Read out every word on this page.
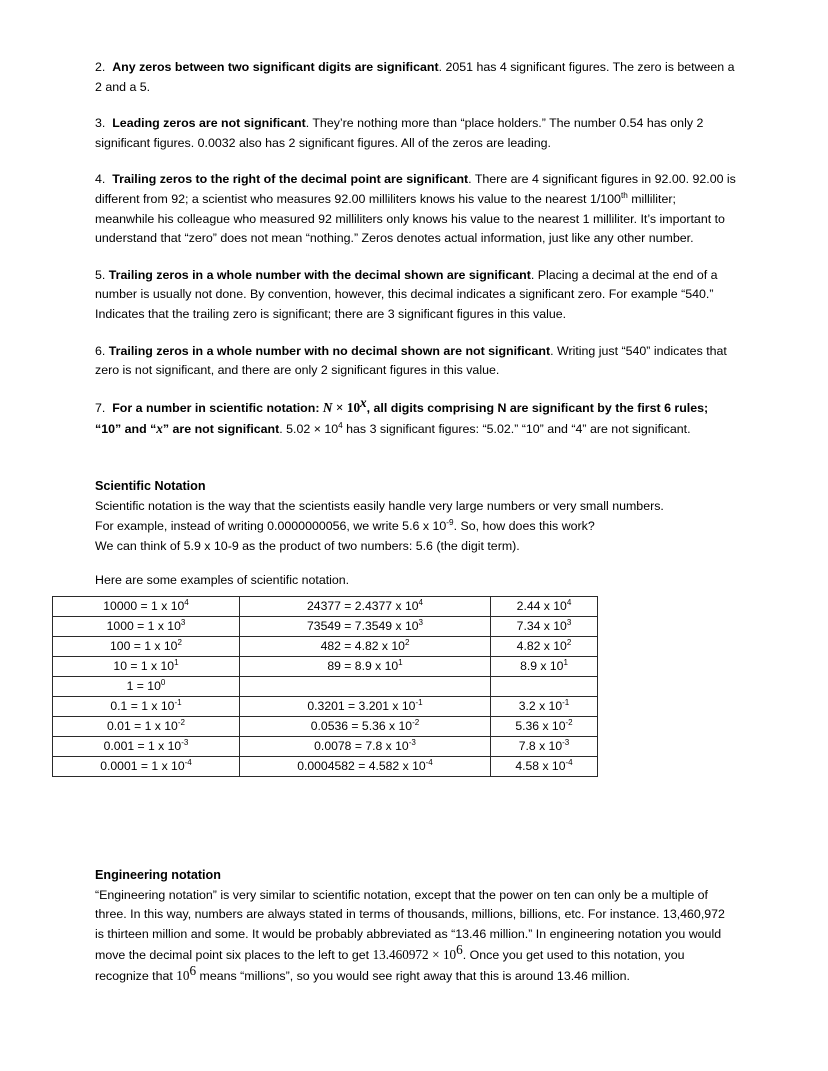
2. Any zeros between two significant digits are significant. 2051 has 4 significant figures. The zero is between a 2 and a 5.

3. Leading zeros are not significant. They’re nothing more than “place holders.” The number 0.54 has only 2 significant figures. 0.0032 also has 2 significant figures. All of the zeros are leading.

4. Trailing zeros to the right of the decimal point are significant. There are 4 significant figures in 92.00. 92.00 is different from 92; a scientist who measures 92.00 milliliters knows his value to the nearest 1/100th milliliter; meanwhile his colleague who measured 92 milliliters only knows his value to the nearest 1 milliliter. It’s important to understand that “zero” does not mean “nothing.” Zeros denotes actual information, just like any other number.

5. Trailing zeros in a whole number with the decimal shown are significant. Placing a decimal at the end of a number is usually not done. By convention, however, this decimal indicates a significant zero. For example “540.” Indicates that the trailing zero is significant; there are 3 significant figures in this value.

6. Trailing zeros in a whole number with no decimal shown are not significant. Writing just “540” indicates that zero is not significant, and there are only 2 significant figures in this value.

7. For a number in scientific notation: $N \times 10^x$, all digits comprising N are significant by the first 6 rules; “10” and “x” are not significant. $5.02 \times 10^4$ has 3 significant figures: “5.02.” “10” and “4” are not significant.

Scientific Notation

Scientific notation is the way that the scientists easily handle very large numbers or very small numbers.

For example, instead of writing 0.0000000056, we write 5.6 x $10^{-9}$. So, how does this work?

We can think of 5.9 x 10-9 as the product of two numbers: 5.6 (the digit term).

Here are some examples of scientific notation.

10000 = 1 x $10^4$	24377 = 2.4377 x $10^4$	2.44 x $10^4$
1000 = 1 x $10^3$	73549 = 7.3549 x $10^3$	7.34 x $10^3$
100 = 1 x $10^2$	482 = 4.82 x $10^2$	4.82 x $10^2$
10 = 1 x $10^1$	89 = 8.9 x $10^1$	8.9 x $10^1$
$1 = 10^0$		
0.1 = 1 x $10^{-1}$	0.3201 = 3.201 x $10^{-1}$	3.2 x $10^{-1}$
0.01 = 1 x $10^{-2}$	0.0536 = 5.36 x $10^{-2}$	5.36 x $10^{-2}$
0.001 = 1 x $10^{-3}$	0.0078 = 7.8 x $10^{-3}$	7.8 x $10^{-3}$
0.0001 = 1 x $10^{-4}$	0.0004582 = 4.582 x $10^{-4}$	4.58 x $10^{-4}$
Engineering notation

“Engineering notation” is very similar to scientific notation, except that the power on ten can only be a multiple of three. In this way, numbers are always stated in terms of thousands, millions, billions, etc. For instance. 13,460,972 is thirteen million and some. It would be probably abbreviated as “13.46 million.” In engineering notation you would move the decimal point six places to the left to get $13.460972 \times 10^6$. Once you get used to this notation, you recognize that $10^6$ means “millions”, so you would see right away that this is around 13.46 million.
